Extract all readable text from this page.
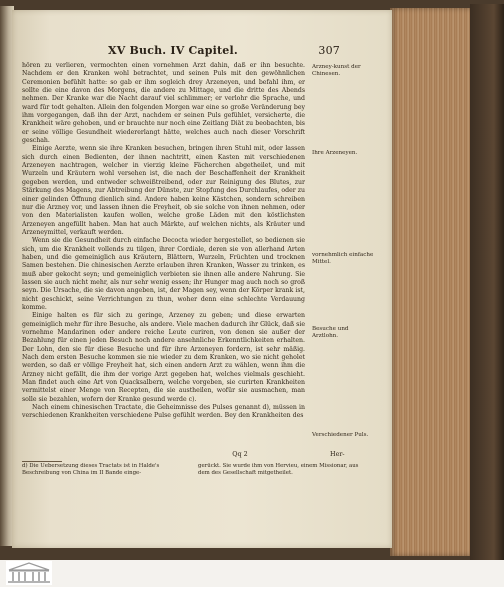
XV Buch. IV Capitel.	307

hören zu verlieren, vermochten einen vornehmen Arzt dahin, daß er ihn besuchte. Nachdem er den Kranken wohl betrachtet, und seinen Puls mit den gewöhnlichen Ceremonien befühlt hatte: so gab er ihm sogleich drey Arzeneyen, und befahl ihm, er sollte die eine davon des Morgens, die andere zu Mittage, und die dritte des Abends nehmen. Der Kranke war die Nacht darauf viel schlimmer; er verlohr die Sprache, und ward für todt gehalten. Allein den folgenden Morgen war eine so große Veränderung bey ihm vorgegangen, daß ihn der Arzt, nachdem er seinen Puls gefühlet, versicherte, die Krankheit wäre gehoben, und er brauchte nur noch eine Zeitlang Diät zu beobachten, bis er seine völlige Gesundheit wiedererlangt hätte, welches auch nach dieser Vorschrift geschah.

Einige Aerzte, wenn sie ihre Kranken besuchen, bringen ihren Stuhl mit, oder lassen sich durch einen Bedienten, der ihnen nachtritt, einen Kasten mit verschiedenen Arzeneyen nachtragen, welcher in vierzig kleine Fächerchen abgetheilet, und mit Wurzeln und Kräutern wohl versehen ist, die nach der Beschaffenheit der Krankheit gegeben werden, und entweder schweißtreibend, oder zur Reinigung des Blutes, zur Stärkung des Magens, zur Abtreibung der Dünste, zur Stopfung des Durchlaufes, oder zu einer gelinden Öffnung dienlich sind. Andere haben keine Kästchen, sondern schreiben nur die Arzney vor, und lassen ihnen die Freyheit, ob sie solche von ihnen nehmen, oder von den Materialisten kaufen wollen, welche große Läden mit den köstlichsten Arzeneyen angefüllt haben. Man hat auch Märkte, auf welchen nichts, als Kräuter und Arzeneymittel, verkauft werden.

Wenn sie die Gesundheit durch einfache Decocta wieder hergestellet, so bedienen sie sich, um die Krankheit vollends zu tilgen, ihrer Cordiale, deren sie von allerhand Arten haben, und die gemeiniglich aus Kräutern, Blättern, Wurzeln, Früchten und trocknen Samen bestehen. Die chinesischen Aerzte erlauben ihren Kranken, Wasser zu trinken, es muß aber gekocht seyn; und gemeiniglich verbieten sie ihnen alle andere Nahrung. Sie lassen sie auch nicht mehr, als nur sehr wenig essen; ihr Hunger mag auch noch so groß seyn. Die Ursache, die sie davon angeben, ist, der Magen sey, wenn der Körper krank ist, nicht geschickt, seine Verrichtungen zu thun, woher denn eine schlechte Verdauung komme.

Einige halten es für sich zu geringe, Arzeney zu geben; und diese erwarten gemeiniglich mehr für ihre Besuche, als andere. Viele machen dadurch ihr Glück, daß sie vornehme Mandarinen oder andere reiche Leute curiren, von denen sie außer der Bezahlung für einen jeden Besuch noch andere ansehnliche Erkenntlichkeiten erhalten. Der Lohn, den sie für diese Besuche und für ihre Arzeneyen fordern, ist sehr mäßig. Nach dem ersten Besuche kommen sie nie wieder zu dem Kranken, wo sie nicht geholet werden, so daß er völlige Freyheit hat, sich einen andern Arzt zu wählen, wenn ihm die Arzney nicht gefällt, die ihm der vorige Arzt gegeben hat, welches vielmals geschieht. Man findet auch eine Art von Quacksalbern, welche vorgeben, sie curirten Krankheiten vermittelst einer Menge von Recepten, die sie austheilen, wofür sie ausmachen, man solle sie bezahlen, wofern der Kranke gesund werde c).

Nach einem chinesischen Tractate, die Geheimnisse des Pulses genannt d), müssen in verschiedenen Krankheiten verschiedene Pulse gefühlt werden. Bey den Krankheiten des

Arzney-kunst der Chinesen.
Ihre Arzeneyen.
vornehmlich einfache Mittel.
Besuche und Arztlohn.
Verschiedener Puls.
Qq 2	Her-
d) Die Uebersetzung dieses Tractats ist in Halde's Beschreibung von China im II Bande einge-
gerückt. Sie wurde ihm von Hervieu, einem Missionar, aus dem des Gesellschaft mitgetheilet.
